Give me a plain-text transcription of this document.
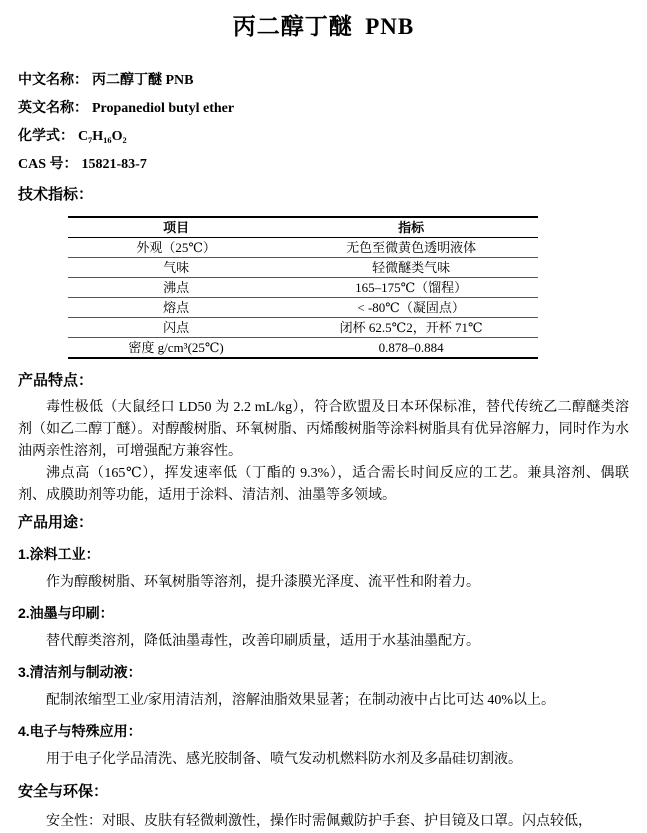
丙二醇丁醚 PNB
中文名称： 丙二醇丁醚 PNB
英文名称： Propanediol butyl ether
化学式： C₇H₁₆O₂
CAS 号： 15821-83-7
技术指标：
项目	指标
外观（25℃）	无色至微黄色透明液体
气味	轻微醚类气味
沸点	165–175℃（馏程）
熔点	< -80℃（凝固点）
闪点	闭杯 62.5℃2，开杯 71℃
密度 g/cm³(25℃)	0.878–0.884
产品特点：

毒性极低（大鼠经口 LD50 为 2.2 mL/kg），符合欧盟及日本环保标准，替代传统乙二醇醚类溶剂（如乙二醇丁醚）。对醇酸树脂、环氧树脂、丙烯酸树脂等涂料树脂具有优异溶解力，同时作为水油两亲性溶剂，可增强配方兼容性。

沸点高（165℃），挥发速率低（丁酯的 9.3%），适合需长时间反应的工艺。兼具溶剂、偶联剂、成膜助剂等功能，适用于涂料、清洁剂、油墨等多领域。

产品用途：
1.涂料工业：
作为醇酸树脂、环氧树脂等溶剂，提升漆膜光泽度、流平性和附着力。
2.油墨与印刷：
替代醇类溶剂，降低油墨毒性，改善印刷质量，适用于水基油墨配方。
3.清洁剂与制动液：
配制浓缩型工业/家用清洁剂，溶解油脂效果显著；在制动液中占比可达 40%以上。
4.电子与特殊应用：
用于电子化学品清洗、感光胶制备、喷气发动机燃料防水剂及多晶硅切割液。
安全与环保：

安全性：对眼、皮肤有轻微刺激性，操作时需佩戴防护手套、护目镜及口罩。闪点较低，
